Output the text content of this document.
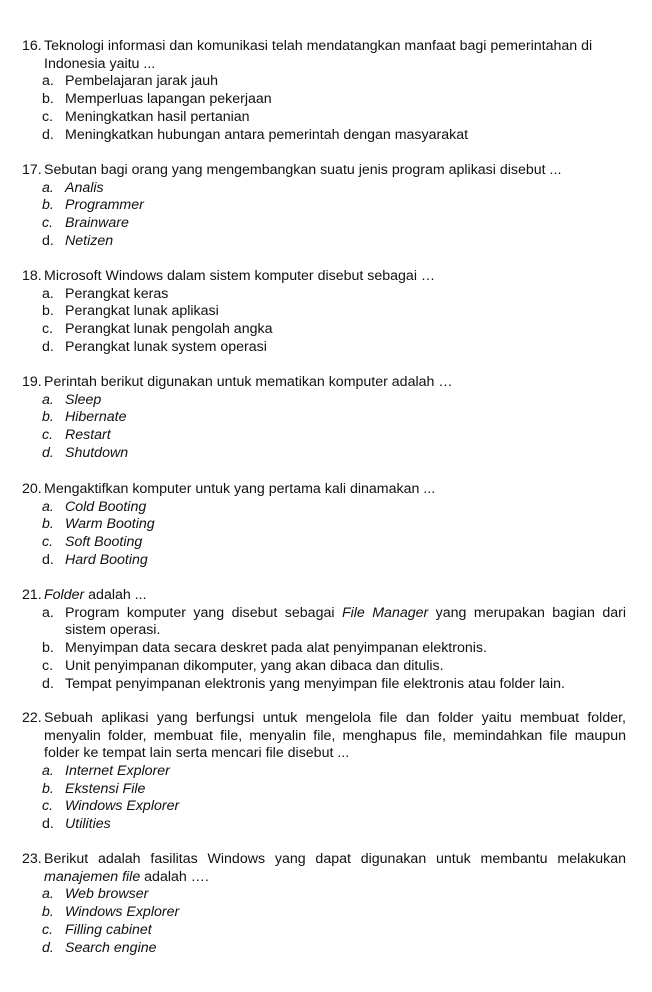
16. Teknologi informasi dan komunikasi telah mendatangkan manfaat bagi pemerintahan di Indonesia yaitu ...
a. Pembelajaran jarak jauh
b. Memperluas lapangan pekerjaan
c. Meningkatkan hasil pertanian
d. Meningkatkan hubungan antara pemerintah dengan masyarakat
17. Sebutan bagi orang yang mengembangkan suatu jenis program aplikasi disebut ...
a. Analis
b. Programmer
c. Brainware
d. Netizen
18. Microsoft Windows dalam sistem komputer disebut sebagai …
a. Perangkat keras
b. Perangkat lunak aplikasi
c. Perangkat lunak pengolah angka
d. Perangkat lunak system operasi
19. Perintah berikut digunakan untuk mematikan komputer adalah …
a. Sleep
b. Hibernate
c. Restart
d. Shutdown
20. Mengaktifkan komputer untuk yang pertama kali dinamakan ...
a. Cold Booting
b. Warm Booting
c. Soft Booting
d. Hard Booting
21. Folder adalah ...
a. Program komputer yang disebut sebagai File Manager yang merupakan bagian dari sistem operasi.
b. Menyimpan data secara deskret pada alat penyimpanan elektronis.
c. Unit penyimpanan dikomputer, yang akan dibaca dan ditulis.
d. Tempat penyimpanan elektronis yang menyimpan file elektronis atau folder lain.
22. Sebuah aplikasi yang berfungsi untuk mengelola file dan folder yaitu membuat folder, menyalin folder, membuat file, menyalin file, menghapus file, memindahkan file maupun folder ke tempat lain serta mencari file disebut ...
a. Internet Explorer
b. Ekstensi File
c. Windows Explorer
d. Utilities
23. Berikut adalah fasilitas Windows yang dapat digunakan untuk membantu melakukan manajemen file adalah ….
a. Web browser
b. Windows Explorer
c. Filling cabinet
d. Search engine
